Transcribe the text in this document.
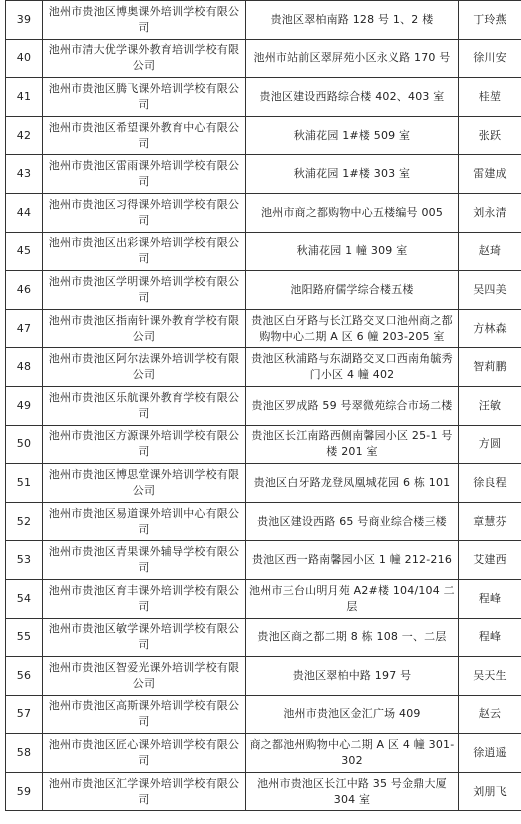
39	池州市贵池区博奥课外培训学校有限公司	贵池区翠柏南路 128 号 1、2 楼	丁玲燕
40	池州市清大优学课外教育培训学校有限公司	池州市站前区翠屏苑小区永义路 170 号	徐川安
41	池州市贵池区腾飞课外培训学校有限公司	贵池区建设西路综合楼 402、403 室	桂堃
42	池州市贵池区希望课外教育中心有限公司	秋浦花园 1#楼 509 室	张跃
43	池州市贵池区雷雨课外培训学校有限公司	秋浦花园 1#楼 303 室	雷建成
44	池州市贵池区习得课外培训学校有限公司	池州市商之都购物中心五楼编号 005	刘永清
45	池州市贵池区出彩课外培训学校有限公司	秋浦花园 1 幢 309 室	赵琦
46	池州市贵池区学明课外培训学校有限公司	池阳路府儒学综合楼五楼	吴四美
47	池州市贵池区指南针课外教育学校有限公司	贵池区白牙路与长江路交叉口池州商之都购物中心二期 A 区 6 幢 203-205 室	方林森
48	池州市贵池区阿尔法课外培训学校有限公司	贵池区秋浦路与东湖路交叉口西南角毓秀门小区 4 幢 402	智莉鹏
49	池州市贵池区乐航课外教育学校有限公司	贵池区罗成路 59 号翠微苑综合市场二楼	汪敏
50	池州市贵池区方源课外培训学校有限公司	贵池区长江南路西侧南馨园小区 25-1 号楼 201 室	方圆
51	池州市贵池区博思堂课外培训学校有限公司	贵池区白牙路龙登凤凰城花园 6 栋 101	徐良程
52	池州市贵池区易道课外培训中心有限公司	贵池区建设西路 65 号商业综合楼三楼	章慧芬
53	池州市贵池区青果课外辅导学校有限公司	贵池区西一路南馨园小区 1 幢 212-216	艾建西
54	池州市贵池区育丰课外培训学校有限公司	池州市三台山明月苑 A2#楼 104/104 二层	程峰
55	池州市贵池区敏学课外培训学校有限公司	贵池区商之都二期 8 栋 108 一、二层	程峰
56	池州市贵池区智爱光课外培训学校有限公司	贵池区翠柏中路 197 号	吴天生
57	池州市贵池区高斯课外培训学校有限公司	池州市贵池区金汇广场 409	赵云
58	池州市贵池区匠心课外培训学校有限公司	商之都池州购物中心二期 A 区 4 幢 301-302	徐逍遥
59	池州市贵池区汇学课外培训学校有限公司	池州市贵池区长江中路 35 号金鼎大厦 304 室	刘朋飞
